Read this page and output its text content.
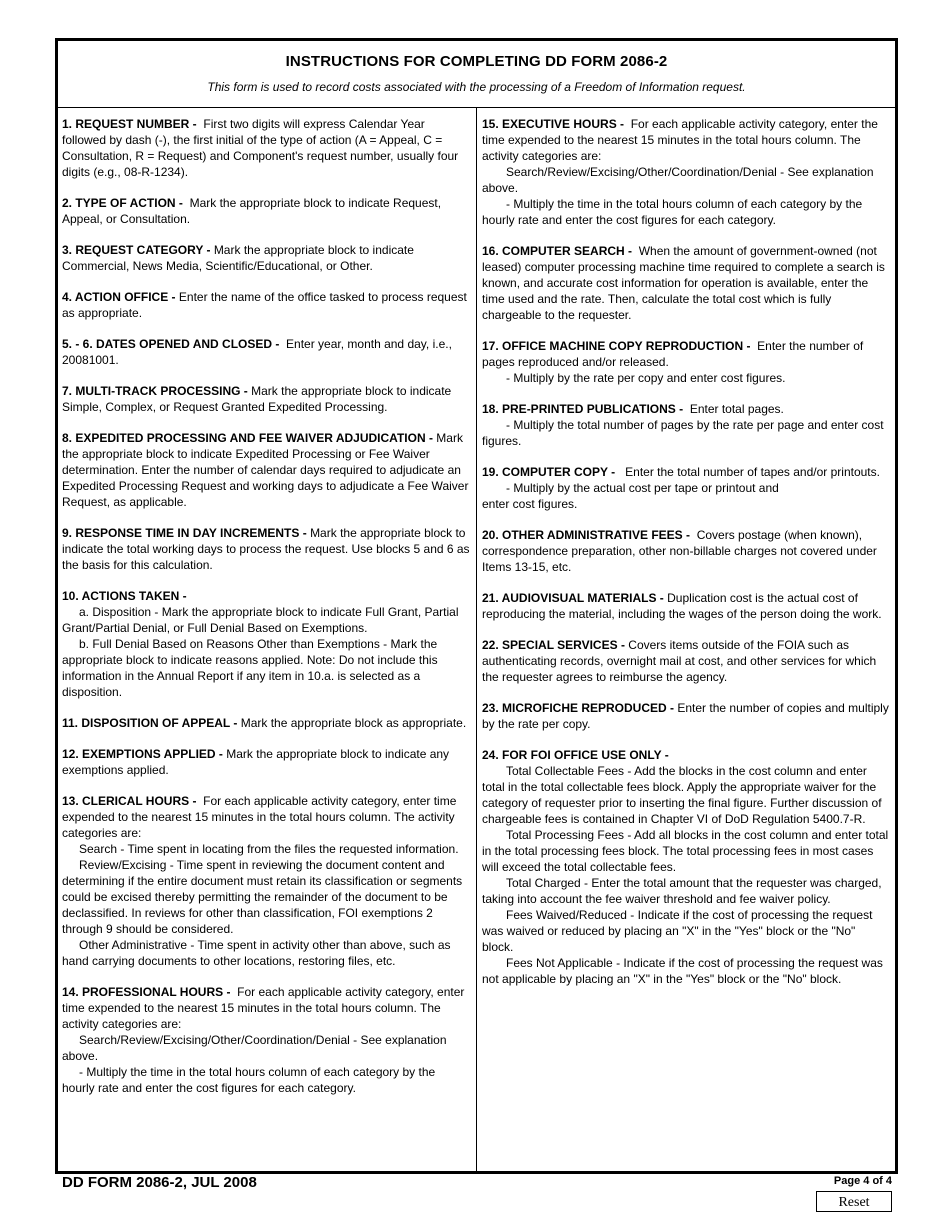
INSTRUCTIONS FOR COMPLETING DD FORM 2086-2
This form is used to record costs associated with the processing of a Freedom of Information request.
1. REQUEST NUMBER - First two digits will express Calendar Year followed by dash (-), the first initial of the type of action (A = Appeal, C = Consultation, R = Request) and Component's request number, usually four digits (e.g., 08-R-1234).
2. TYPE OF ACTION - Mark the appropriate block to indicate Request, Appeal, or Consultation.
3. REQUEST CATEGORY - Mark the appropriate block to indicate Commercial, News Media, Scientific/Educational, or Other.
4. ACTION OFFICE - Enter the name of the office tasked to process request as appropriate.
5. - 6. DATES OPENED AND CLOSED - Enter year, month and day, i.e., 20081001.
7. MULTI-TRACK PROCESSING - Mark the appropriate block to indicate Simple, Complex, or Request Granted Expedited Processing.
8. EXPEDITED PROCESSING AND FEE WAIVER ADJUDICATION - Mark the appropriate block to indicate Expedited Processing or Fee Waiver determination. Enter the number of calendar days required to adjudicate an Expedited Processing Request and working days to adjudicate a Fee Waiver Request, as applicable.
9. RESPONSE TIME IN DAY INCREMENTS - Mark the appropriate block to indicate the total working days to process the request. Use blocks 5 and 6 as the basis for this calculation.
10. ACTIONS TAKEN -
a. Disposition - Mark the appropriate block to indicate Full Grant, Partial Grant/Partial Denial, or Full Denial Based on Exemptions.
b. Full Denial Based on Reasons Other than Exemptions - Mark the appropriate block to indicate reasons applied. Note: Do not include this information in the Annual Report if any item in 10.a. is selected as a disposition.
11. DISPOSITION OF APPEAL - Mark the appropriate block as appropriate.
12. EXEMPTIONS APPLIED - Mark the appropriate block to indicate any exemptions applied.
13. CLERICAL HOURS - For each applicable activity category, enter time expended to the nearest 15 minutes in the total hours column. The activity categories are:
Search - Time spent in locating from the files the requested information.
Review/Excising - Time spent in reviewing the document content and determining if the entire document must retain its classification or segments could be excised thereby permitting the remainder of the document to be declassified. In reviews for other than classification, FOI exemptions 2 through 9 should be considered.
Other Administrative - Time spent in activity other than above, such as hand carrying documents to other locations, restoring files, etc.
14. PROFESSIONAL HOURS - For each applicable activity category, enter time expended to the nearest 15 minutes in the total hours column. The activity categories are:
Search/Review/Excising/Other/Coordination/Denial - See explanation above.
- Multiply the time in the total hours column of each category by the hourly rate and enter the cost figures for each category.
15. EXECUTIVE HOURS - For each applicable activity category, enter the time expended to the nearest 15 minutes in the total hours column. The activity categories are:
Search/Review/Excising/Other/Coordination/Denial - See explanation above.
- Multiply the time in the total hours column of each category by the hourly rate and enter the cost figures for each category.
16. COMPUTER SEARCH - When the amount of government-owned (not leased) computer processing machine time required to complete a search is known, and accurate cost information for operation is available, enter the time used and the rate. Then, calculate the total cost which is fully chargeable to the requester.
17. OFFICE MACHINE COPY REPRODUCTION - Enter the number of pages reproduced and/or released.
- Multiply by the rate per copy and enter cost figures.
18. PRE-PRINTED PUBLICATIONS - Enter total pages.
- Multiply the total number of pages by the rate per page and enter cost figures.
19. COMPUTER COPY - Enter the total number of tapes and/or printouts.
- Multiply by the actual cost per tape or printout and
enter cost figures.
20. OTHER ADMINISTRATIVE FEES - Covers postage (when known), correspondence preparation, other non-billable charges not covered under Items 13-15, etc.
21. AUDIOVISUAL MATERIALS - Duplication cost is the actual cost of reproducing the material, including the wages of the person doing the work.
22. SPECIAL SERVICES - Covers items outside of the FOIA such as authenticating records, overnight mail at cost, and other services for which the requester agrees to reimburse the agency.
23. MICROFICHE REPRODUCED - Enter the number of copies and multiply by the rate per copy.
24. FOR FOI OFFICE USE ONLY -
Total Collectable Fees - Add the blocks in the cost column and enter total in the total collectable fees block. Apply the appropriate waiver for the category of requester prior to inserting the final figure. Further discussion of chargeable fees is contained in Chapter VI of DoD Regulation 5400.7-R.
Total Processing Fees - Add all blocks in the cost column and enter total in the total processing fees block. The total processing fees in most cases will exceed the total collectable fees.
Total Charged - Enter the total amount that the requester was charged, taking into account the fee waiver threshold and fee waiver policy.
Fees Waived/Reduced - Indicate if the cost of processing the request was waived or reduced by placing an "X" in the "Yes" block or the "No" block.
Fees Not Applicable - Indicate if the cost of processing the request was not applicable by placing an "X" in the "Yes" block or the "No" block.
DD FORM 2086-2, JUL 2008	Page 4 of 4
Reset
